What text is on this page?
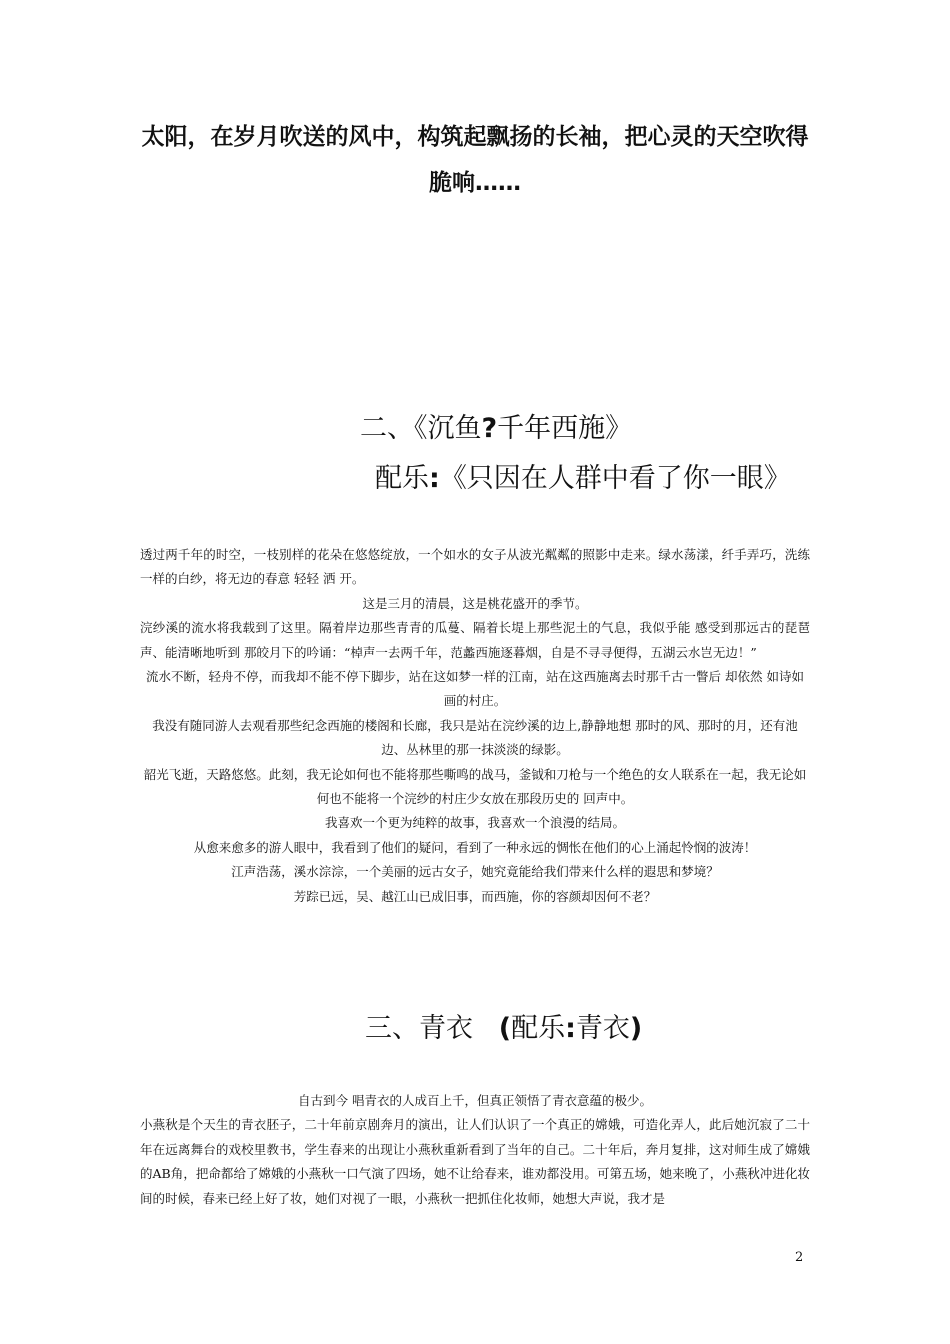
太阳，在岁月吹送的风中，构筑起飘扬的长袖，把心灵的天空吹得
脆响……
二、《沉鱼?千年西施》
配乐:《只因在人群中看了你一眼》

透过两千年的时空，一枝别样的花朵在悠悠绽放，一个如水的女子从波光粼粼的照影中走来。绿水荡漾，纤手弄巧，洗练一样的白纱，将无边的春意 轻轻 洒 开。

这是三月的清晨，这是桃花盛开的季节。

浣纱溪的流水将我载到了这里。隔着岸边那些青青的瓜蔓、隔着长堤上那些泥土的气息，我似乎能 感受到那远古的琵琶声、能清晰地听到 那皎月下的吟诵：“棹声一去两千年，范蠡西施逐暮烟，自是不寻寻便得，五湖云水岂无边！”

流水不断，轻舟不停，而我却不能不停下脚步，站在这如梦一样的江南，站在这西施离去时那千古一瞥后 却依然 如诗如画的村庄。

我没有随同游人去观看那些纪念西施的楼阁和长廊，我只是站在浣纱溪的边上,静静地想 那时的风、那时的月，还有池边、丛林里的那一抹淡淡的绿影。

韶光飞逝，天路悠悠。此刻，我无论如何也不能将那些嘶鸣的战马，釜钺和刀枪与一个绝色的女人联系在一起，我无论如何也不能将一个浣纱的村庄少女放在那段历史的 回声中。

我喜欢一个更为纯粹的故事，我喜欢一个浪漫的结局。

从愈来愈多的游人眼中，我看到了他们的疑问，看到了一种永远的惆怅在他们的心上涌起怜悯的波涛！

江声浩荡，溪水淙淙，一个美丽的远古女子，她究竟能给我们带来什么样的遐思和梦境？

芳踪已远，吴、越江山已成旧事，而西施，你的容颜却因何不老？

三、青衣 (配乐:青衣)

自古到今 唱青衣的人成百上千，但真正领悟了青衣意蕴的极少。

小燕秋是个天生的青衣胚子，二十年前京剧奔月的演出，让人们认识了一个真正的嫦娥，可造化弄人，此后她沉寂了二十年在远离舞台的戏校里教书，学生春来的出现让小燕秋重新看到了当年的自己。二十年后，奔月复排，这对师生成了嫦娥的AB角，把命都给了嫦娥的小燕秋一口气演了四场，她不让给春来，谁劝都没用。可第五场，她来晚了，小燕秋冲进化妆间的时候，春来已经上好了妆，她们对视了一眼，小燕秋一把抓住化妆师，她想大声说，我才是

2
